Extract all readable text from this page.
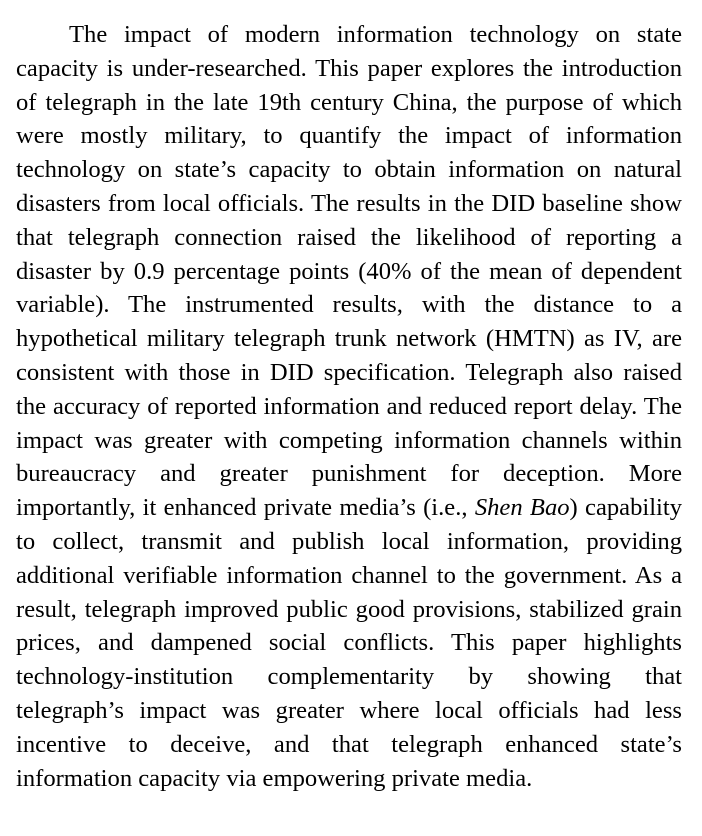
The impact of modern information technology on state capacity is under-researched. This paper explores the introduction of telegraph in the late 19th century China, the purpose of which were mostly military, to quantify the impact of information technology on state’s capacity to obtain information on natural disasters from local officials. The results in the DID baseline show that telegraph connection raised the likelihood of reporting a disaster by 0.9 percentage points (40% of the mean of dependent variable). The instrumented results, with the distance to a hypothetical military telegraph trunk network (HMTN) as IV, are consistent with those in DID specification. Telegraph also raised the accuracy of reported information and reduced report delay. The impact was greater with competing information channels within bureaucracy and greater punishment for deception. More importantly, it enhanced private media’s (i.e., Shen Bao) capability to collect, transmit and publish local information, providing additional verifiable information channel to the government. As a result, telegraph improved public good provisions, stabilized grain prices, and dampened social conflicts. This paper highlights technology-institution complementarity by showing that telegraph’s impact was greater where local officials had less incentive to deceive, and that telegraph enhanced state’s information capacity via empowering private media.
